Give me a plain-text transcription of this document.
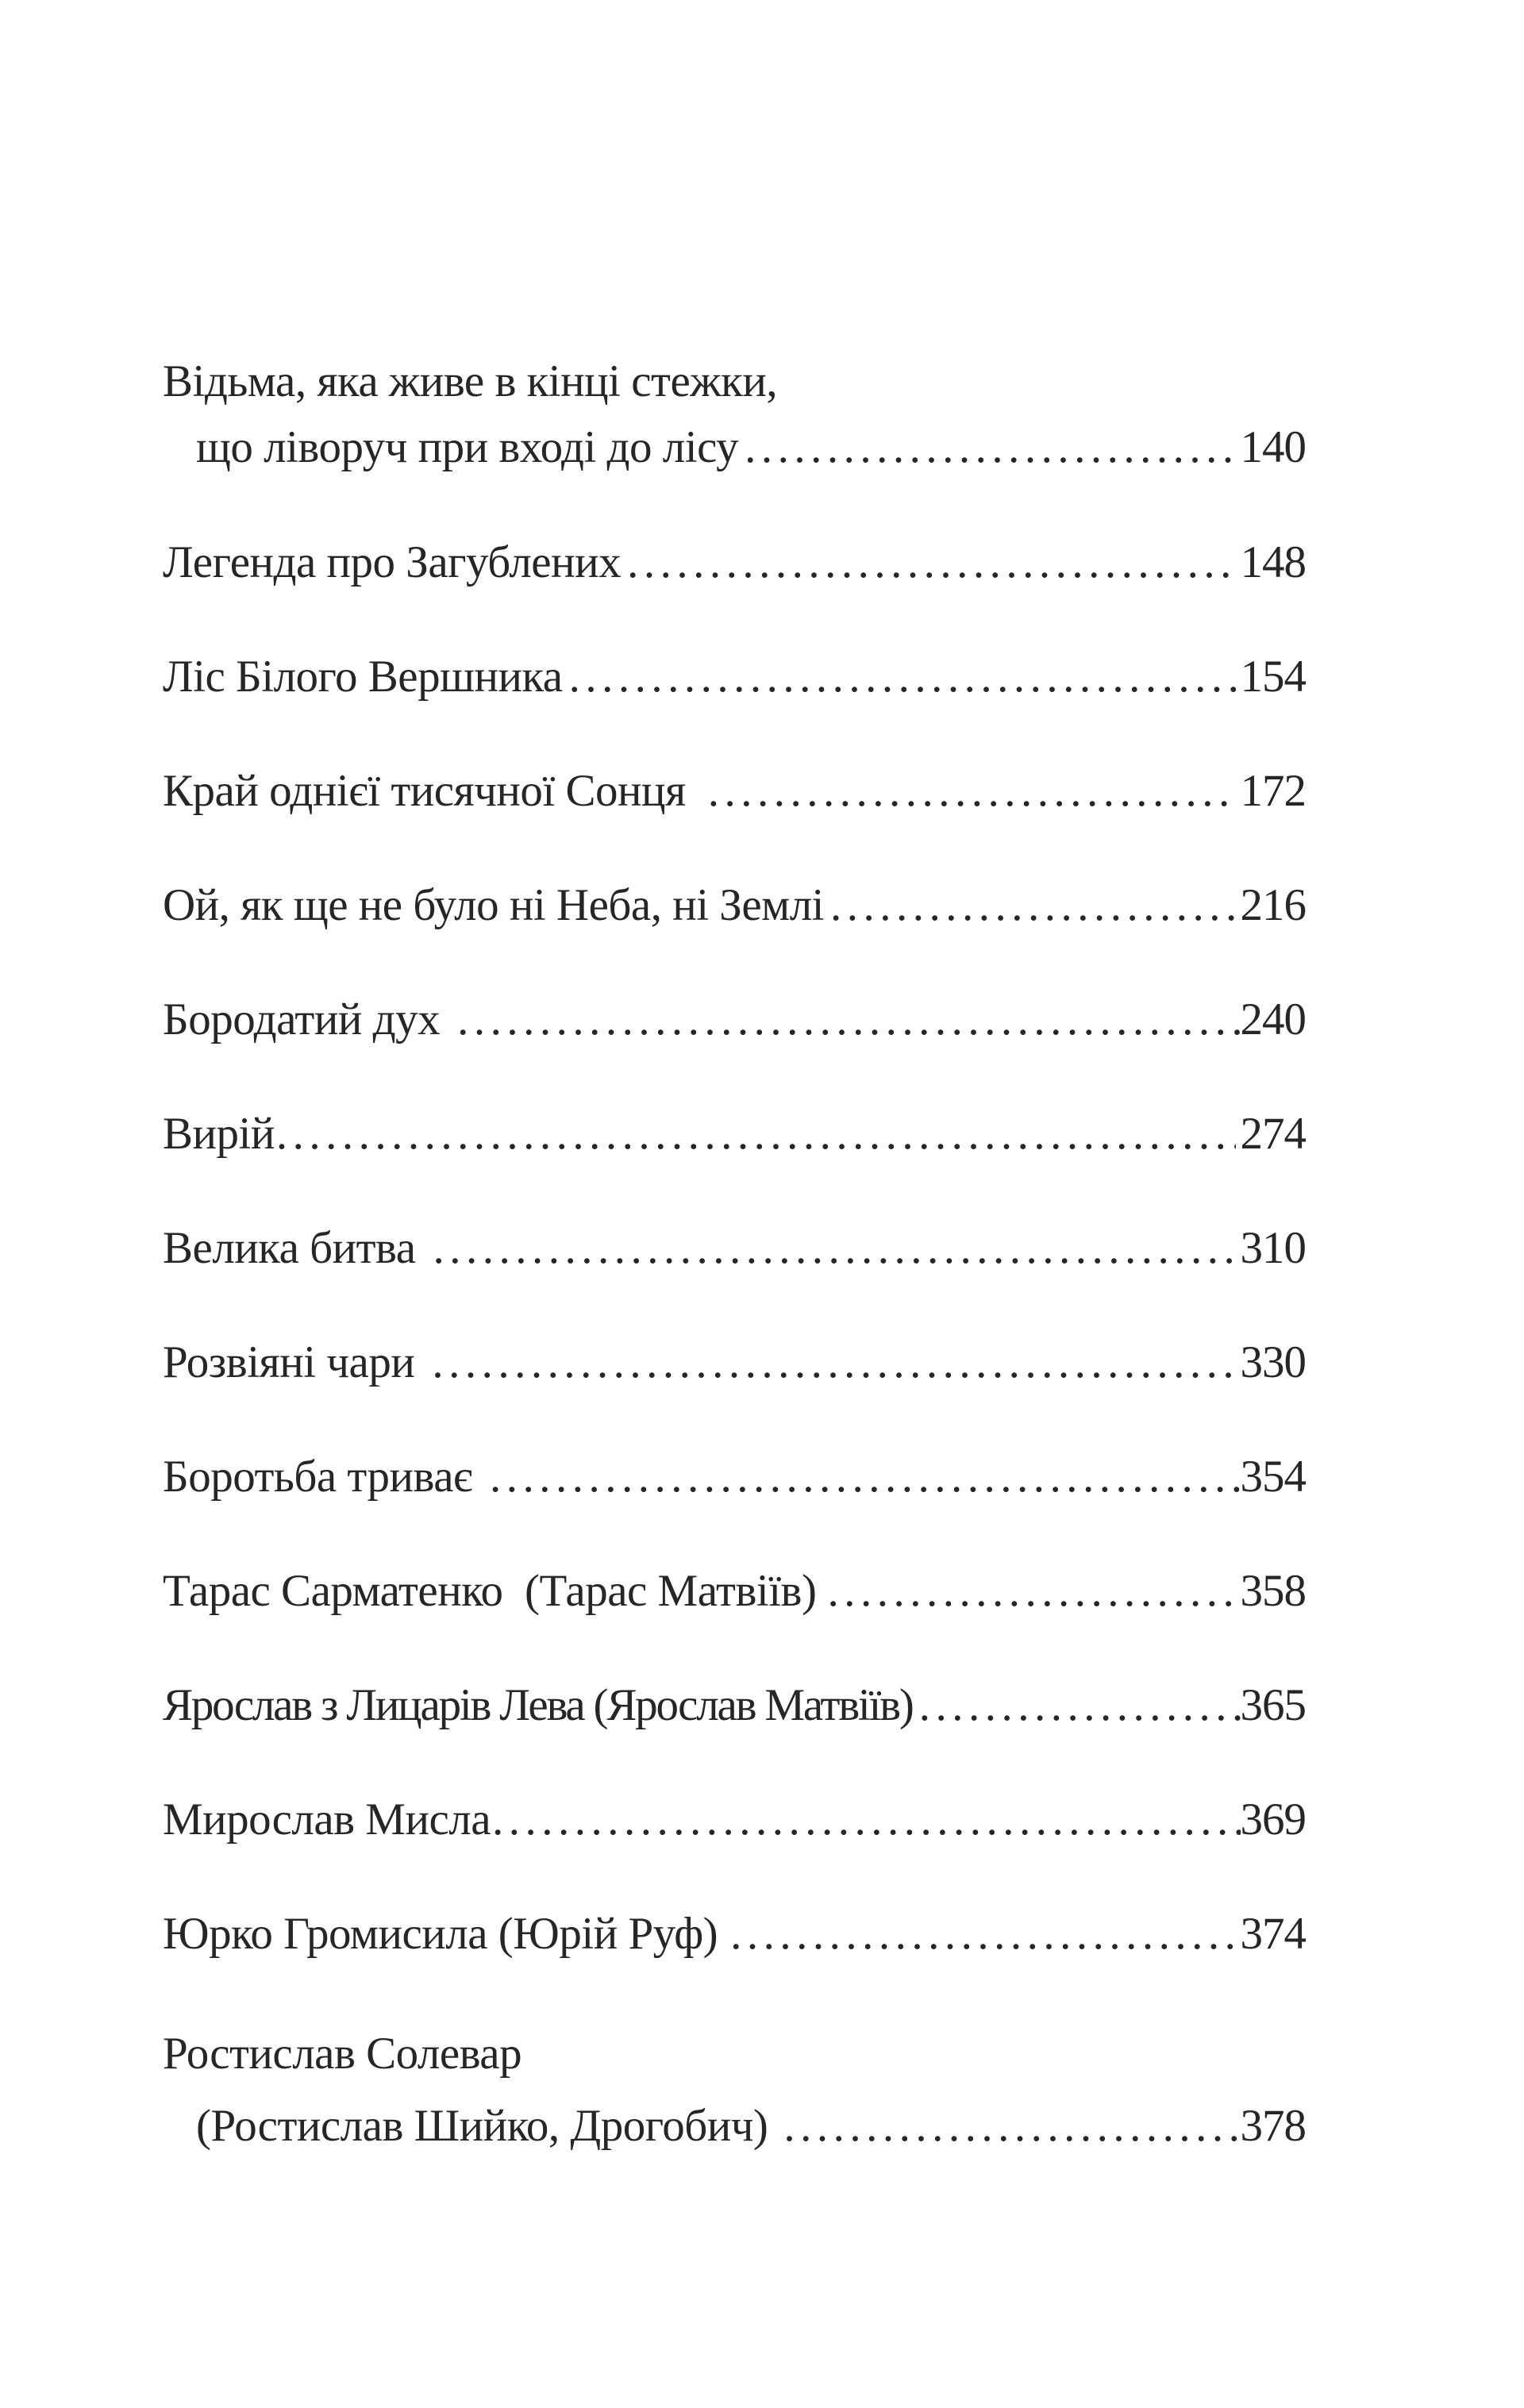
Відьма, яка живе в кінці стежки,
що ліворуч при вході до лісу .....	140
Легенда про Загублених .....	148
Ліс Білого Вершника .....	154
Край однієї тисячної Сонця .....	172
Ой, як ще не було ні Неба, ні Землі .....	216
Бородатий дух .....	240
Вирій .....	274
Велика битва .....	310
Розвіяні чари .....	330
Боротьба триває .....	354
Тарас Сарматенко  (Тарас Матвіїв) .....	358
Ярослав з Лицарів Лева (Ярослав Матвіїв) .....	365
Мирослав Мисла .....	369
Юрко Громисила (Юрій Руф) .....	374
Ростислав Солевар
(Ростислав Шийко, Дрогобич) .....	378
